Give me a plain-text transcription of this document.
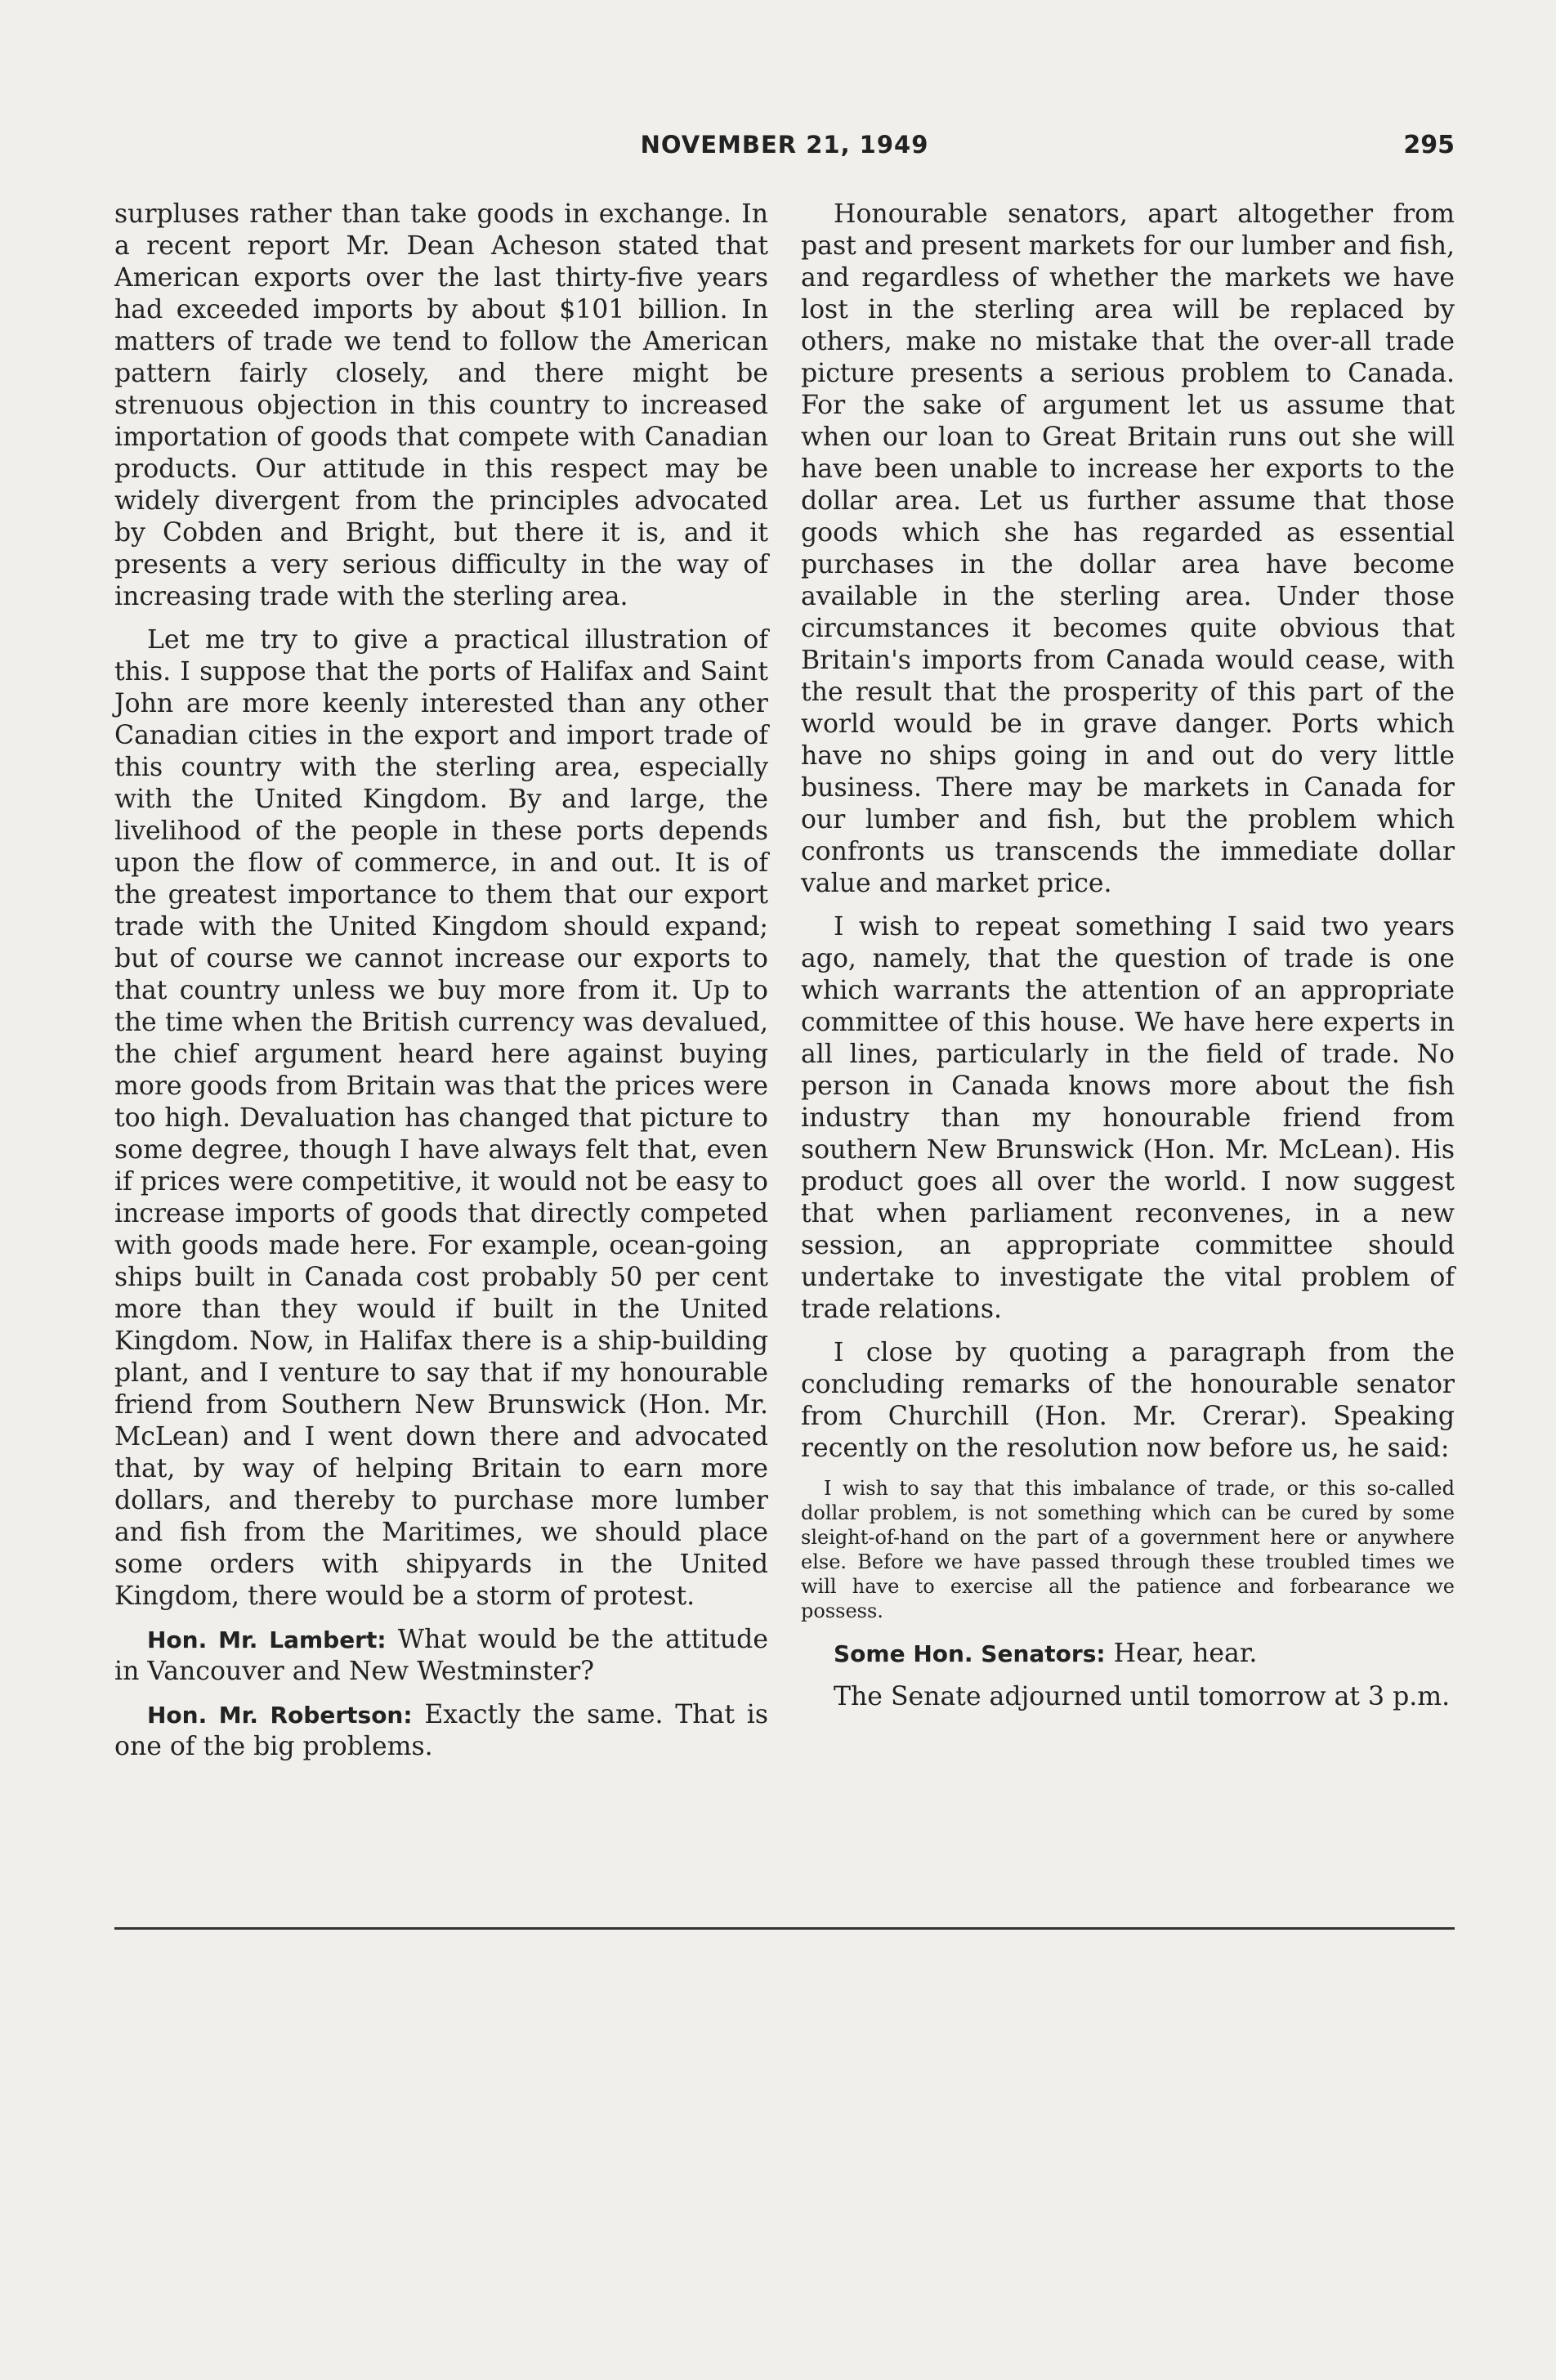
NOVEMBER 21, 1949	295

surpluses rather than take goods in exchange. In a recent report Mr. Dean Acheson stated that American exports over the last thirty-five years had exceeded imports by about $101 billion. In matters of trade we tend to follow the American pattern fairly closely, and there might be strenuous objection in this country to increased importation of goods that compete with Canadian products. Our attitude in this respect may be widely divergent from the principles advocated by Cobden and Bright, but there it is, and it presents a very serious difficulty in the way of increasing trade with the sterling area.

Let me try to give a practical illustration of this. I suppose that the ports of Halifax and Saint John are more keenly interested than any other Canadian cities in the export and import trade of this country with the sterling area, especially with the United Kingdom. By and large, the livelihood of the people in these ports depends upon the flow of commerce, in and out. It is of the greatest importance to them that our export trade with the United Kingdom should expand; but of course we cannot increase our exports to that country unless we buy more from it. Up to the time when the British currency was devalued, the chief argument heard here against buying more goods from Britain was that the prices were too high. Devaluation has changed that picture to some degree, though I have always felt that, even if prices were competitive, it would not be easy to increase imports of goods that directly competed with goods made here. For example, ocean-going ships built in Canada cost probably 50 per cent more than they would if built in the United Kingdom. Now, in Halifax there is a ship-building plant, and I venture to say that if my honourable friend from Southern New Brunswick (Hon. Mr. McLean) and I went down there and advocated that, by way of helping Britain to earn more dollars, and thereby to purchase more lumber and fish from the Maritimes, we should place some orders with shipyards in the United Kingdom, there would be a storm of protest.

Hon. Mr. Lambert: What would be the attitude in Vancouver and New Westminster?

Hon. Mr. Robertson: Exactly the same. That is one of the big problems.

Honourable senators, apart altogether from past and present markets for our lumber and fish, and regardless of whether the markets we have lost in the sterling area will be replaced by others, make no mistake that the over-all trade picture presents a serious problem to Canada. For the sake of argument let us assume that when our loan to Great Britain runs out she will have been unable to increase her exports to the dollar area. Let us further assume that those goods which she has regarded as essential purchases in the dollar area have become available in the sterling area. Under those circumstances it becomes quite obvious that Britain's imports from Canada would cease, with the result that the prosperity of this part of the world would be in grave danger. Ports which have no ships going in and out do very little business. There may be markets in Canada for our lumber and fish, but the problem which confronts us transcends the immediate dollar value and market price.

I wish to repeat something I said two years ago, namely, that the question of trade is one which warrants the attention of an appropriate committee of this house. We have here experts in all lines, particularly in the field of trade. No person in Canada knows more about the fish industry than my honourable friend from southern New Brunswick (Hon. Mr. McLean). His product goes all over the world. I now suggest that when parliament reconvenes, in a new session, an appropriate committee should undertake to investigate the vital problem of trade relations.

I close by quoting a paragraph from the concluding remarks of the honourable senator from Churchill (Hon. Mr. Crerar). Speaking recently on the resolution now before us, he said:

I wish to say that this imbalance of trade, or this so-called dollar problem, is not something which can be cured by some sleight-of-hand on the part of a government here or anywhere else. Before we have passed through these troubled times we will have to exercise all the patience and forbearance we possess.

Some Hon. Senators: Hear, hear.

The Senate adjourned until tomorrow at 3 p.m.
